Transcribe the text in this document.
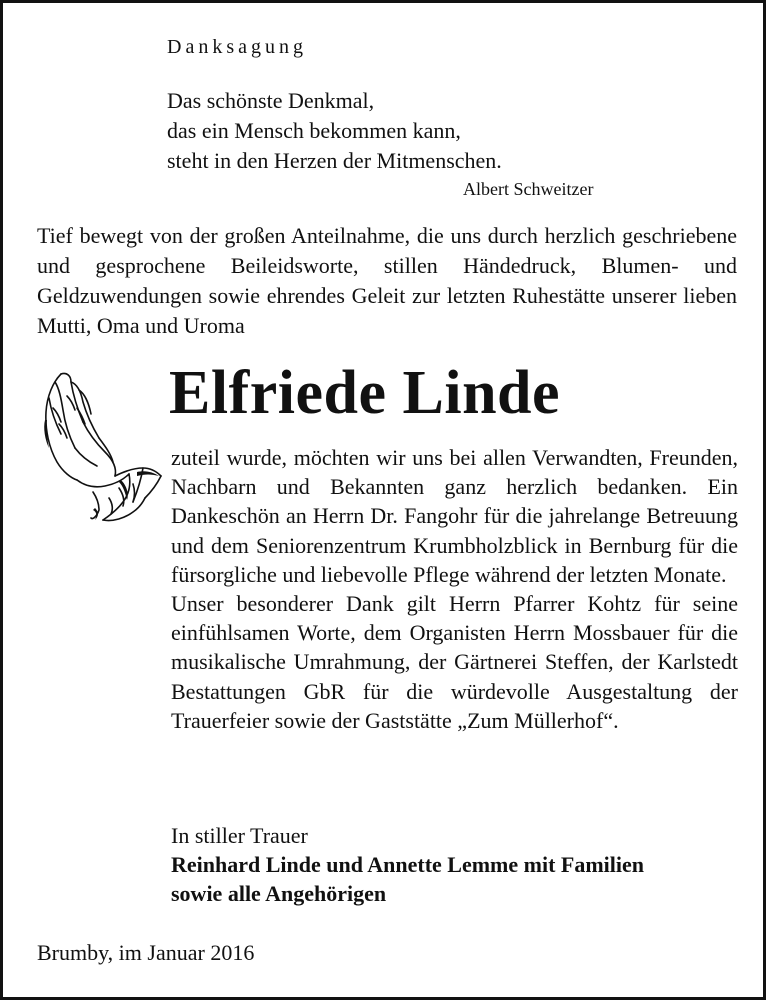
Danksagung
Das schönste Denkmal,
das ein Mensch bekommen kann,
steht in den Herzen der Mitmenschen.
Albert Schweitzer
Tief bewegt von der großen Anteilnahme, die uns durch herzlich geschriebene und gesprochene Beileidsworte, stillen Händedruck, Blumen- und Geldzuwendungen sowie ehrendes Geleit zur letzten Ruhestätte unserer lieben Mutti, Oma und Uroma
Elfriede Linde

zuteil wurde, möchten wir uns bei allen Verwandten, Freunden, Nachbarn und Bekannten ganz herzlich bedanken. Ein Dankeschön an Herrn Dr. Fangohr für die jahrelange Betreuung und dem Seniorenzentrum Krumbholzblick in Bernburg für die fürsorgliche und liebevolle Pflege während der letzten Monate.

Unser besonderer Dank gilt Herrn Pfarrer Kohtz für seine einfühlsamen Worte, dem Organisten Herrn Mossbauer für die musikalische Umrahmung, der Gärtnerei Steffen, der Karlstedt Bestattungen GbR für die würdevolle Ausgestaltung der Trauerfeier sowie der Gaststätte „Zum Müllerhof“.

In stiller Trauer
Reinhard Linde und Annette Lemme mit Familien
sowie alle Angehörigen
Brumby, im Januar 2016
